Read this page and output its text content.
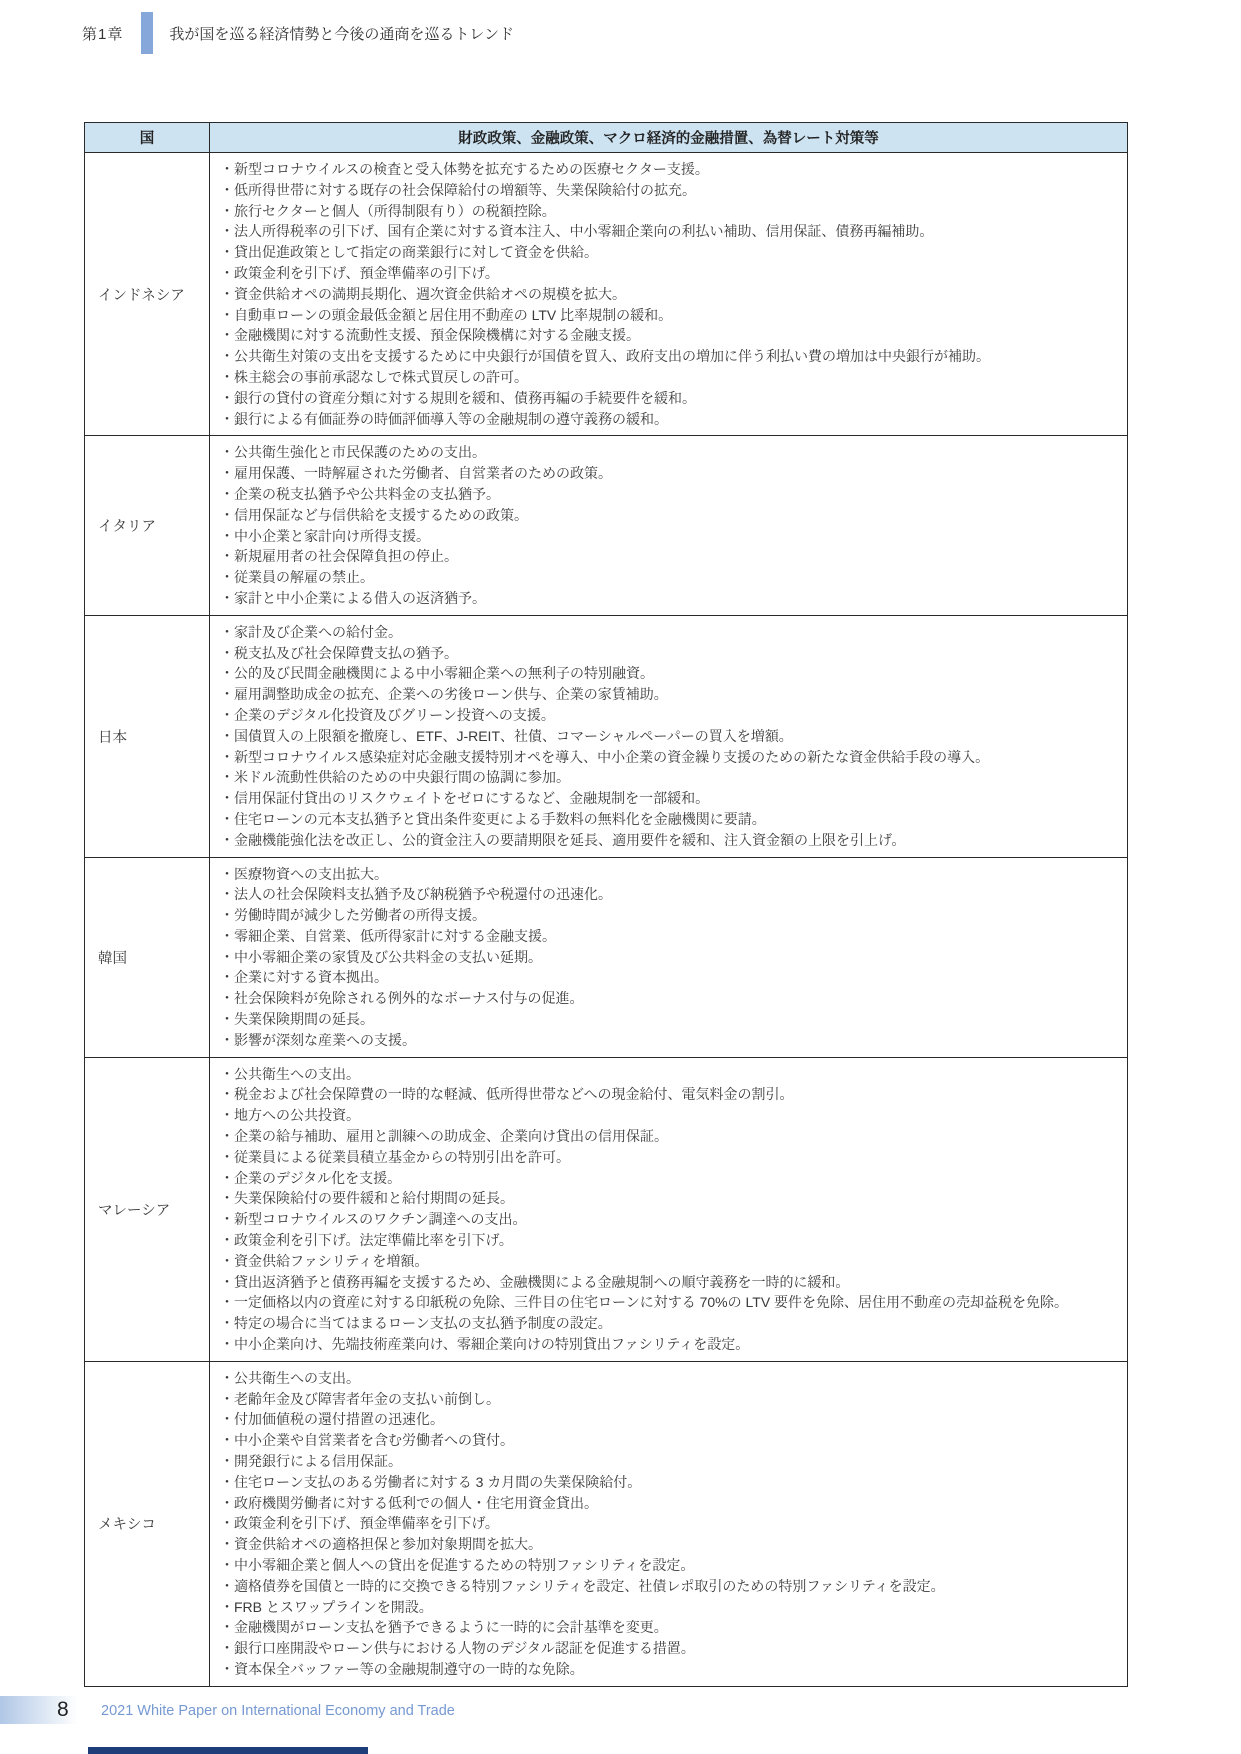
第1章	我が国を巡る経済情勢と今後の通商を巡るトレンド
国	財政政策、金融政策、マクロ経済的金融措置、為替レート対策等
インドネシア	
・新型コロナウイルスの検査と受入体勢を拡充するための医療セクター支援。
・低所得世帯に対する既存の社会保障給付の増額等、失業保険給付の拡充。
・旅行セクターと個人（所得制限有り）の税額控除。
・法人所得税率の引下げ、国有企業に対する資本注入、中小零細企業向の利払い補助、信用保証、債務再編補助。
・貸出促進政策として指定の商業銀行に対して資金を供給。
・政策金利を引下げ、預金準備率の引下げ。
・資金供給オペの満期長期化、週次資金供給オペの規模を拡大。
・自動車ローンの頭金最低金額と居住用不動産の LTV 比率規制の緩和。
・金融機関に対する流動性支援、預金保険機構に対する金融支援。
・公共衛生対策の支出を支援するために中央銀行が国債を買入、政府支出の増加に伴う利払い費の増加は中央銀行が補助。
・株主総会の事前承認なしで株式買戻しの許可。
・銀行の貸付の資産分類に対する規則を緩和、債務再編の手続要件を緩和。
・銀行による有価証券の時価評価導入等の金融規制の遵守義務の緩和。

イタリア	
・公共衛生強化と市民保護のための支出。
・雇用保護、一時解雇された労働者、自営業者のための政策。
・企業の税支払猶予や公共料金の支払猶予。
・信用保証など与信供給を支援するための政策。
・中小企業と家計向け所得支援。
・新規雇用者の社会保障負担の停止。
・従業員の解雇の禁止。
・家計と中小企業による借入の返済猶予。

日本	
・家計及び企業への給付金。
・税支払及び社会保障費支払の猶予。
・公的及び民間金融機関による中小零細企業への無利子の特別融資。
・雇用調整助成金の拡充、企業への劣後ローン供与、企業の家賃補助。
・企業のデジタル化投資及びグリーン投資への支援。
・国債買入の上限額を撤廃し、ETF、J-REIT、社債、コマーシャルペーパーの買入を増額。
・新型コロナウイルス感染症対応金融支援特別オペを導入、中小企業の資金繰り支援のための新たな資金供給手段の導入。
・米ドル流動性供給のための中央銀行間の協調に参加。
・信用保証付貸出のリスクウェイトをゼロにするなど、金融規制を一部緩和。
・住宅ローンの元本支払猶予と貸出条件変更による手数料の無料化を金融機関に要請。
・金融機能強化法を改正し、公的資金注入の要請期限を延長、適用要件を緩和、注入資金額の上限を引上げ。

韓国	
・医療物資への支出拡大。
・法人の社会保険料支払猶予及び納税猶予や税還付の迅速化。
・労働時間が減少した労働者の所得支援。
・零細企業、自営業、低所得家計に対する金融支援。
・中小零細企業の家賃及び公共料金の支払い延期。
・企業に対する資本拠出。
・社会保険料が免除される例外的なボーナス付与の促進。
・失業保険期間の延長。
・影響が深刻な産業への支援。

マレーシア	
・公共衛生への支出。
・税金および社会保障費の一時的な軽減、低所得世帯などへの現金給付、電気料金の割引。
・地方への公共投資。
・企業の給与補助、雇用と訓練への助成金、企業向け貸出の信用保証。
・従業員による従業員積立基金からの特別引出を許可。
・企業のデジタル化を支援。
・失業保険給付の要件緩和と給付期間の延長。
・新型コロナウイルスのワクチン調達への支出。
・政策金利を引下げ。法定準備比率を引下げ。
・資金供給ファシリティを増額。
・貸出返済猶予と債務再編を支援するため、金融機関による金融規制への順守義務を一時的に緩和。
・一定価格以内の資産に対する印紙税の免除、三件目の住宅ローンに対する 70%の LTV 要件を免除、居住用不動産の売却益税を免除。
・特定の場合に当てはまるローン支払の支払猶予制度の設定。
・中小企業向け、先端技術産業向け、零細企業向けの特別貸出ファシリティを設定。

メキシコ	
・公共衛生への支出。
・老齢年金及び障害者年金の支払い前倒し。
・付加価値税の還付措置の迅速化。
・中小企業や自営業者を含む労働者への貸付。
・開発銀行による信用保証。
・住宅ローン支払のある労働者に対する 3 カ月間の失業保険給付。
・政府機関労働者に対する低利での個人・住宅用資金貸出。
・政策金利を引下げ、預金準備率を引下げ。
・資金供給オペの適格担保と参加対象期間を拡大。
・中小零細企業と個人への貸出を促進するための特別ファシリティを設定。
・適格債券を国債と一時的に交換できる特別ファシリティを設定、社債レポ取引のための特別ファシリティを設定。
・FRB とスワップラインを開設。
・金融機関がローン支払を猶予できるように一時的に会計基準を変更。
・銀行口座開設やローン供与における人物のデジタル認証を促進する措置。
・資本保全バッファー等の金融規制遵守の一時的な免除。
8 2021 White Paper on International Economy and Trade
